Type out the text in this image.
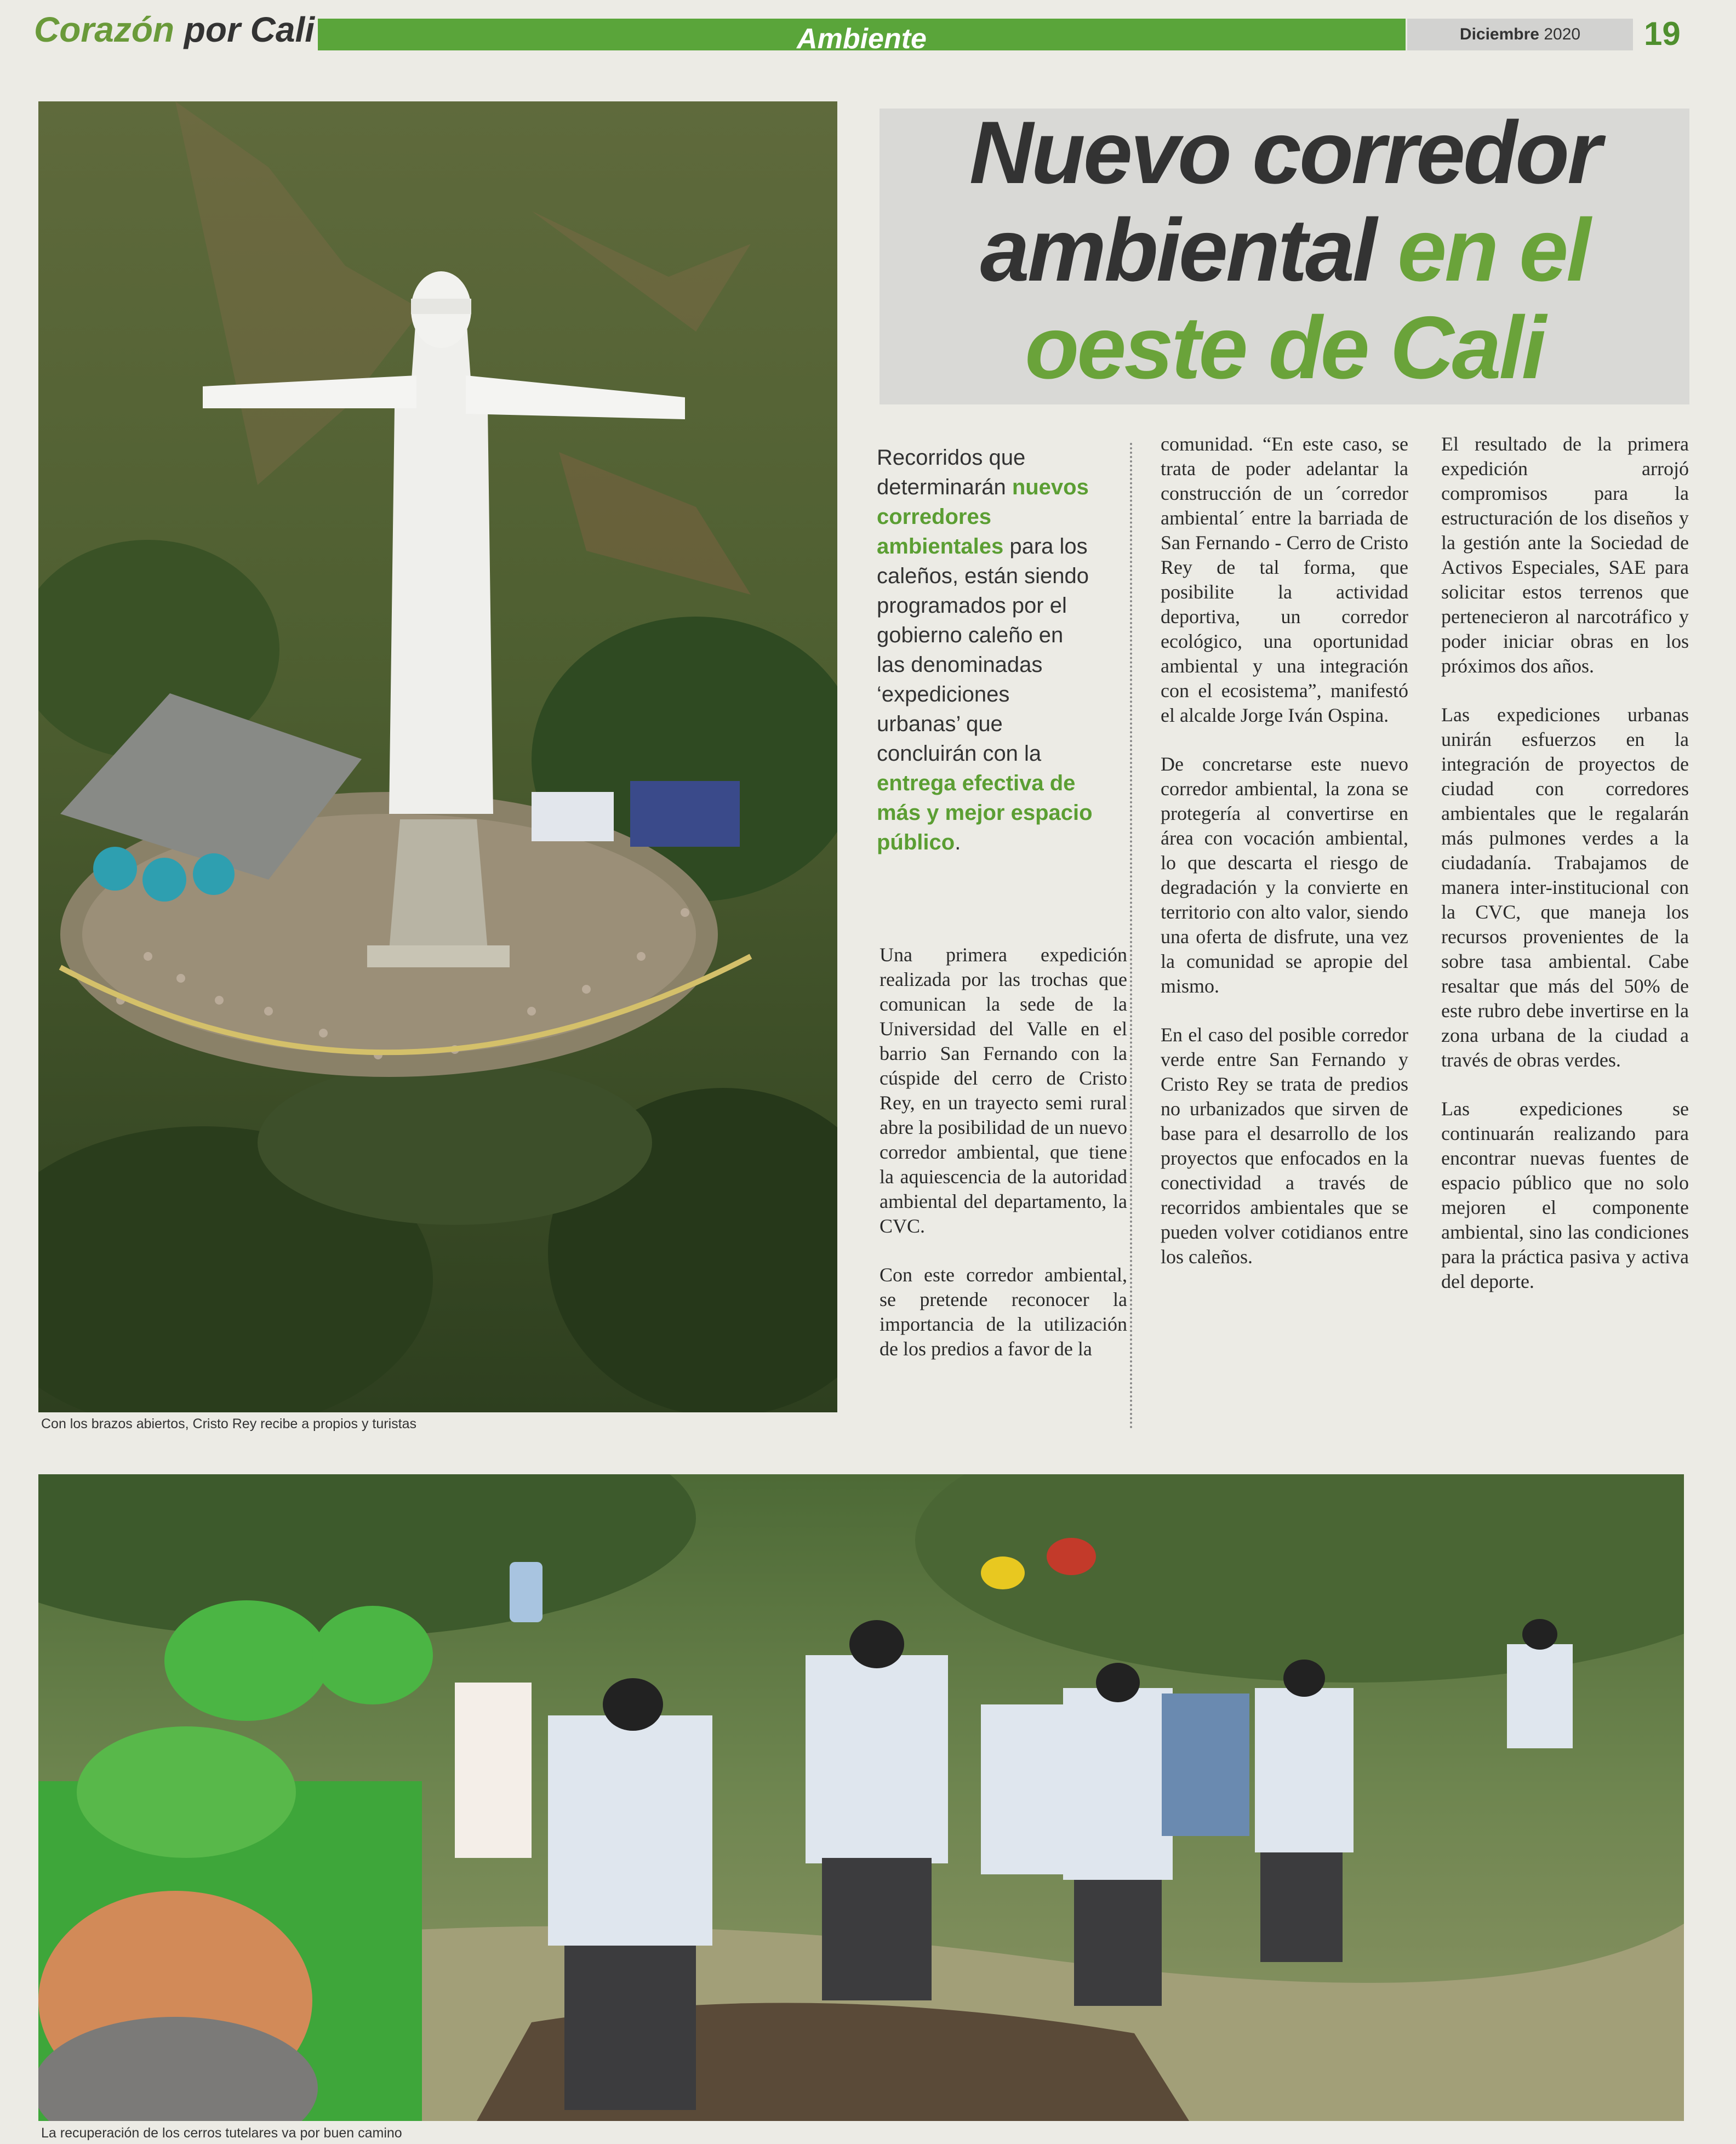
Corazón por Cali	Ambiente	Diciembre 2020	19
Con los brazos abiertos, Cristo Rey recibe a propios y turistas
Nuevo corredor
ambiental en el
oeste de Cali
Recorridos que determinarán nuevos corredores ambientales para los caleños, están siendo programados por el gobierno caleño en las denominadas ‘expediciones urbanas’ que concluirán con la entrega efectiva de más y mejor espacio público.

Una primera expedición realizada por las trochas que comunican la sede de la Universidad del Valle en el barrio San Fernando con la cúspide del cerro de Cristo Rey, en un trayecto semi rural abre la posibilidad de un nuevo corredor ambiental, que tiene la aquiescencia de la autoridad ambiental del departamento, la CVC.

Con este corredor ambiental, se pretende reconocer la importancia de la utilización de los predios a favor de la

comunidad. “En este caso, se trata de poder adelantar la construcción de un ´corredor ambiental´ entre la barriada de San Fernando - Cerro de Cristo Rey de tal forma, que posibilite la actividad deportiva, un corredor ecológico, una oportunidad ambiental y una integración con el ecosistema”, manifestó el alcalde Jorge Iván Ospina.

De concretarse este nuevo corredor ambiental, la zona se protegería al convertirse en área con vocación ambiental, lo que descarta el riesgo de degradación y la convierte en territorio con alto valor, siendo una oferta de disfrute, una vez la comunidad se apropie del mismo.

En el caso del posible corredor verde entre San Fernando y Cristo Rey se trata de predios no urbanizados que sirven de base para el desarrollo de los proyectos que enfocados en la conectividad a través de recorridos ambientales que se pueden volver cotidianos entre los caleños.

El resultado de la primera expedición arrojó compromisos para la estructuración de los diseños y la gestión ante la Sociedad de Activos Especiales, SAE para solicitar estos terrenos que pertenecieron al narcotráfico y poder iniciar obras en los próximos dos años.

Las expediciones urbanas unirán esfuerzos en la integración de proyectos de ciudad con corredores ambientales que le regalarán más pulmones verdes a la ciudadanía. Trabajamos de manera inter-institucional con la CVC, que maneja los recursos provenientes de la sobre tasa ambiental. Cabe resaltar que más del 50% de este rubro debe invertirse en la zona urbana de la ciudad a través de obras verdes.

Las expediciones se continuarán realizando para encontrar nuevas fuentes de espacio público que no solo mejoren el componente ambiental, sino las condiciones para la práctica pasiva y activa del deporte.

La recuperación de los cerros tutelares va por buen camino
